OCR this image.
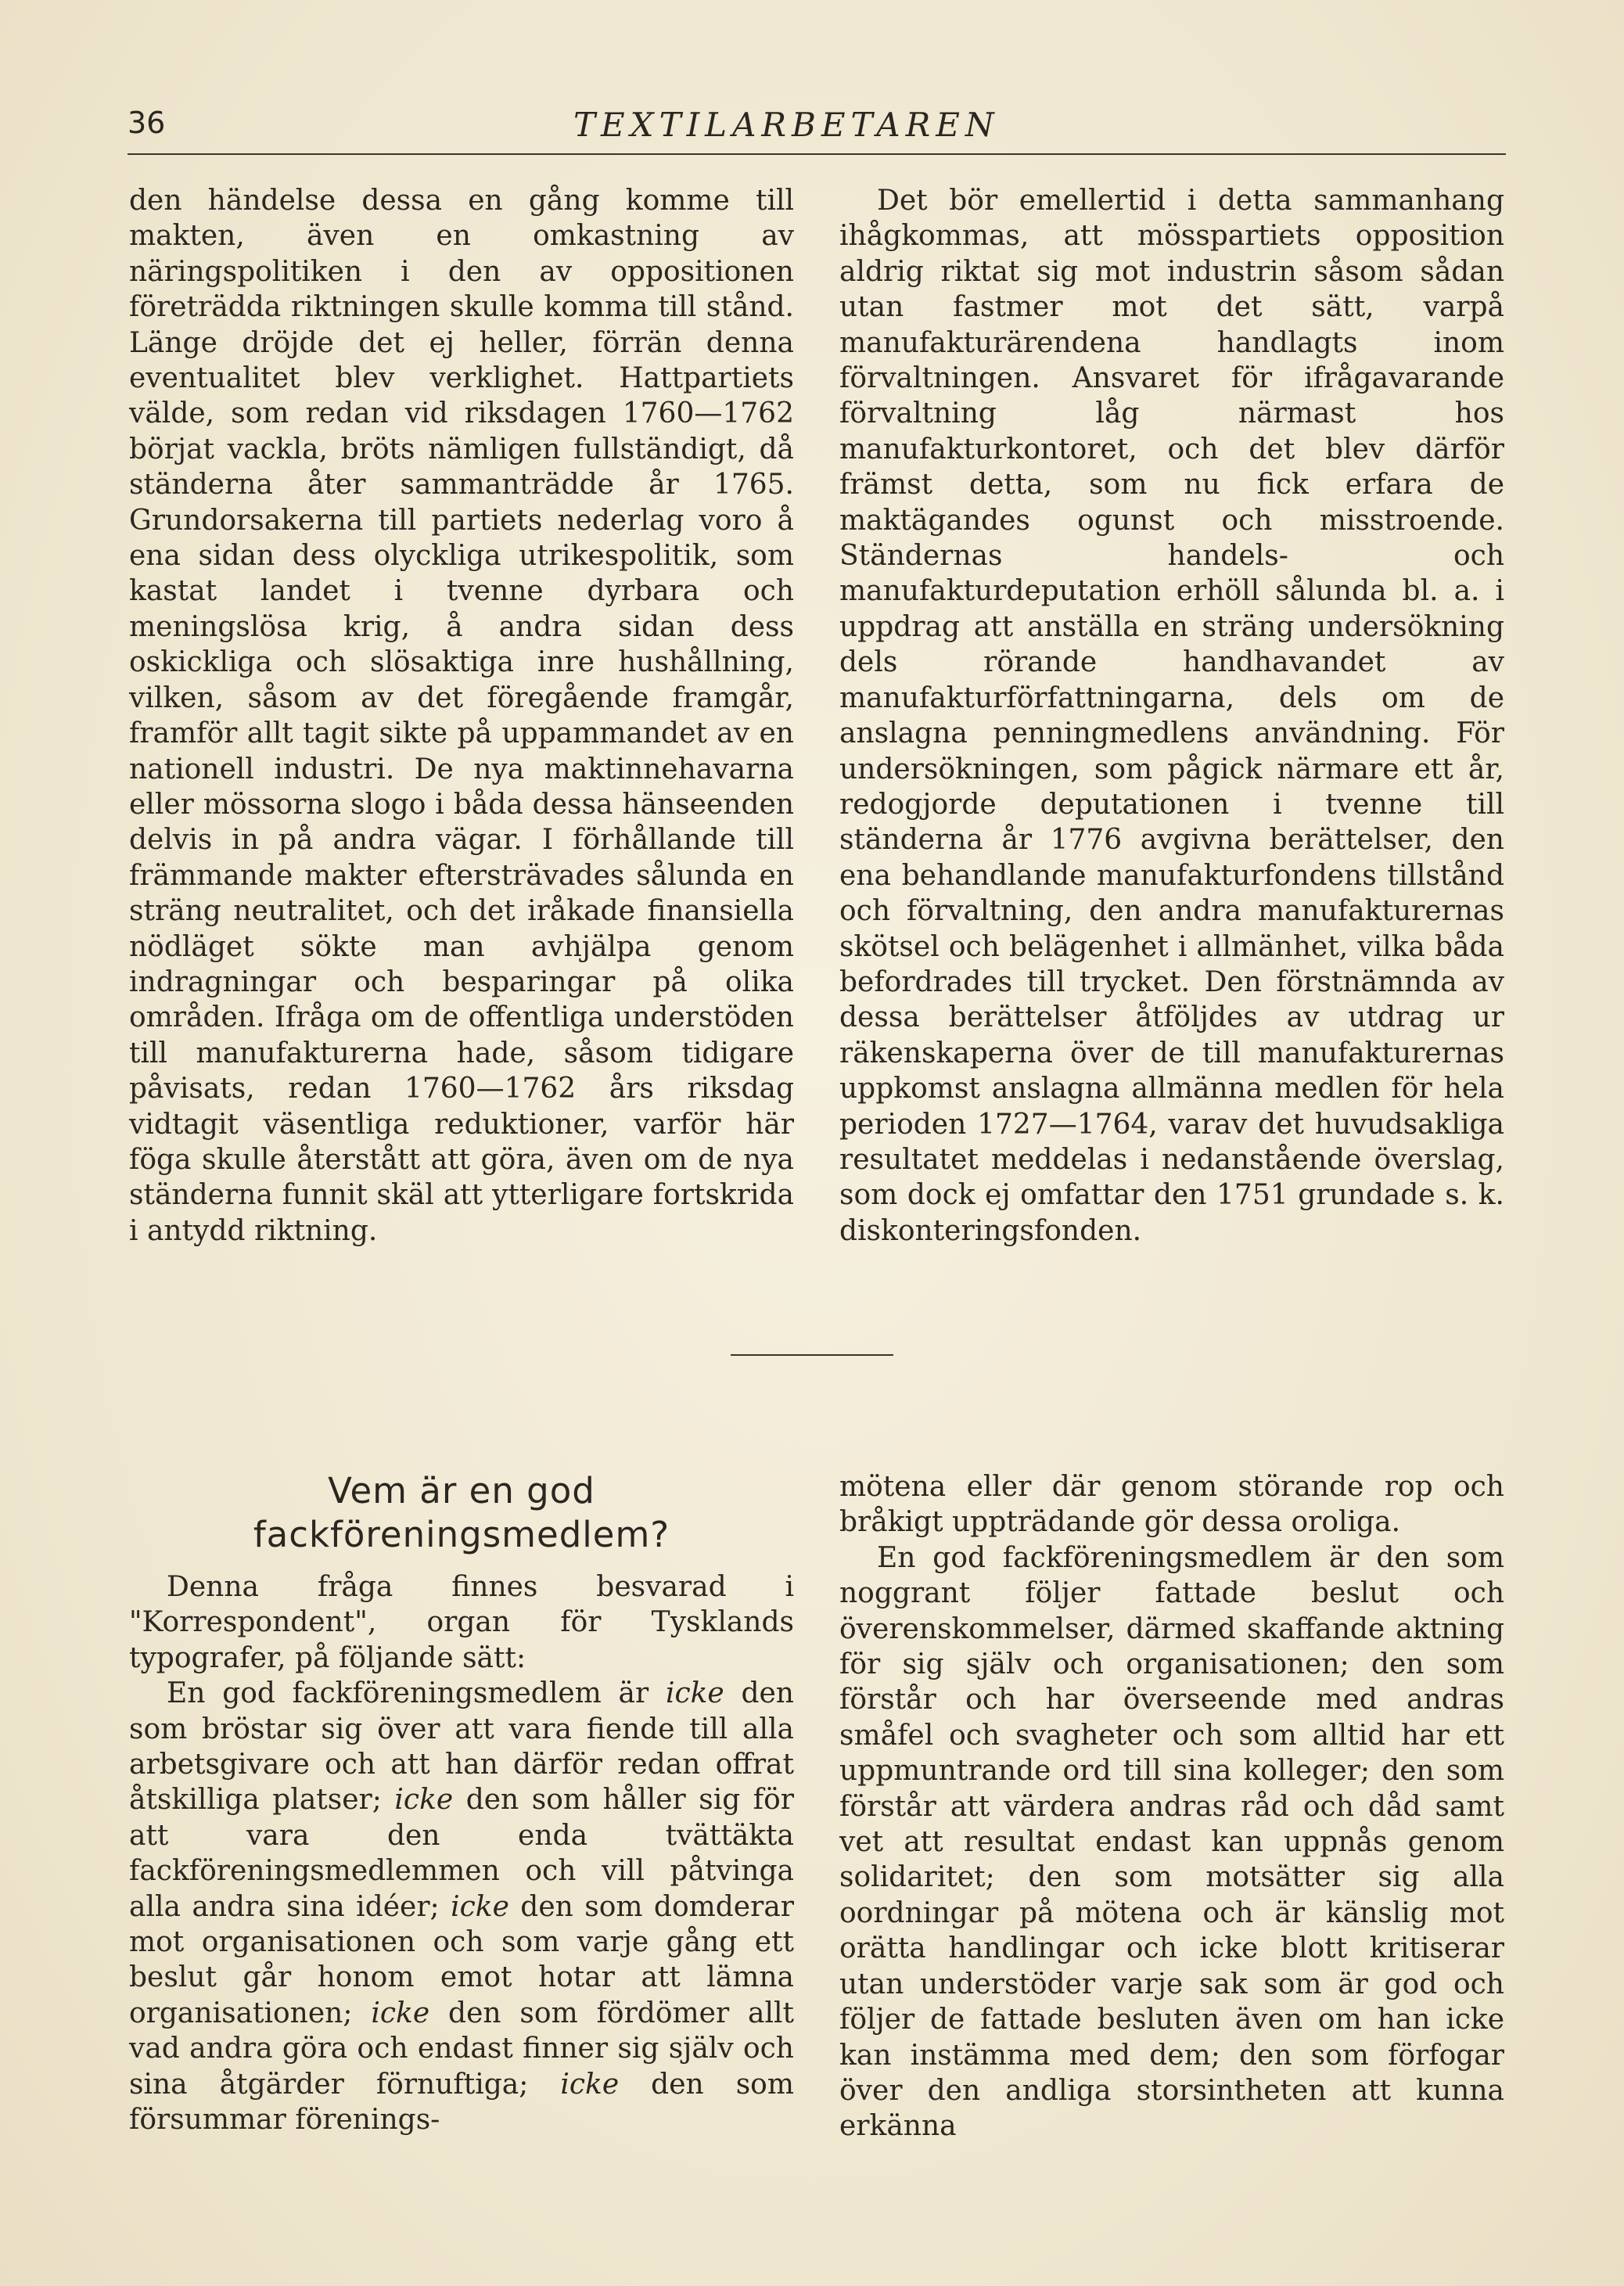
36	TEXTILARBETAREN

den händelse dessa en gång komme till makten, även en omkastning av näringspolitiken i den av oppositionen företrädda riktningen skulle komma till stånd. Länge dröjde det ej heller, förrän denna eventualitet blev verklighet. Hattpartiets välde, som redan vid riksdagen 1760—1762 börjat vackla, bröts nämligen fullständigt, då ständerna åter sammanträdde år 1765. Grundorsakerna till partiets nederlag voro å ena sidan dess olyckliga utrikespolitik, som kastat landet i tvenne dyrbara och meningslösa krig, å andra sidan dess oskickliga och slösaktiga inre hushållning, vilken, såsom av det föregående framgår, framför allt tagit sikte på uppammandet av en nationell industri. De nya maktinnehavarna eller mössorna slogo i båda dessa hänseenden delvis in på andra vägar. I förhållande till främmande makter eftersträvades sålunda en sträng neutralitet, och det iråkade finansiella nödläget sökte man avhjälpa genom indragningar och besparingar på olika områden. Ifråga om de offentliga understöden till manufakturerna hade, såsom tidigare påvisats, redan 1760—1762 års riksdag vidtagit väsentliga reduktioner, varför här föga skulle återstått att göra, även om de nya ständerna funnit skäl att ytterligare fortskrida i antydd riktning.

Det bör emellertid i detta sammanhang ihågkommas, att mösspartiets opposition aldrig riktat sig mot industrin såsom sådan utan fastmer mot det sätt, varpå manufakturärendena handlagts inom förvaltningen. Ansvaret för ifrågavarande förvaltning låg närmast hos manufakturkontoret, och det blev därför främst detta, som nu fick erfara de maktägandes ogunst och misstroende. Ständernas handels- och manufakturdeputation erhöll sålunda bl. a. i uppdrag att anställa en sträng undersökning dels rörande handhavandet av manufakturförfattningarna, dels om de anslagna penningmedlens användning. För undersökningen, som pågick närmare ett år, redogjorde deputationen i tvenne till ständerna år 1776 avgivna berättelser, den ena behandlande manufakturfondens tillstånd och förvaltning, den andra manufakturernas skötsel och belägenhet i allmänhet, vilka båda befordrades till trycket. Den förstnämnda av dessa berättelser åtföljdes av utdrag ur räkenskaperna över de till manufakturernas uppkomst anslagna allmänna medlen för hela perioden 1727—1764, varav det huvudsakliga resultatet meddelas i nedanstående överslag, som dock ej omfattar den 1751 grundade s. k. diskonteringsfonden.

Vem är en god fackföreningsmedlem?

Denna fråga finnes besvarad i "Korrespondent", organ för Tysklands typografer, på följande sätt:

En god fackföreningsmedlem är icke den som bröstar sig över att vara fiende till alla arbetsgivare och att han därför redan offrat åtskilliga platser; icke den som håller sig för att vara den enda tvättäkta fackföreningsmedlemmen och vill påtvinga alla andra sina idéer; icke den som domderar mot organisationen och som varje gång ett beslut går honom emot hotar att lämna organisationen; icke den som fördömer allt vad andra göra och endast finner sig själv och sina åtgärder förnuftiga; icke den som försummar förenings-

mötena eller där genom störande rop och bråkigt uppträdande gör dessa oroliga.

En god fackföreningsmedlem är den som noggrant följer fattade beslut och överenskommelser, därmed skaffande aktning för sig själv och organisationen; den som förstår och har överseende med andras småfel och svagheter och som alltid har ett uppmuntrande ord till sina kolleger; den som förstår att värdera andras råd och dåd samt vet att resultat endast kan uppnås genom solidaritet; den som motsätter sig alla oordningar på mötena och är känslig mot orätta handlingar och icke blott kritiserar utan understöder varje sak som är god och följer de fattade besluten även om han icke kan instämma med dem; den som förfogar över den andliga storsintheten att kunna erkänna
